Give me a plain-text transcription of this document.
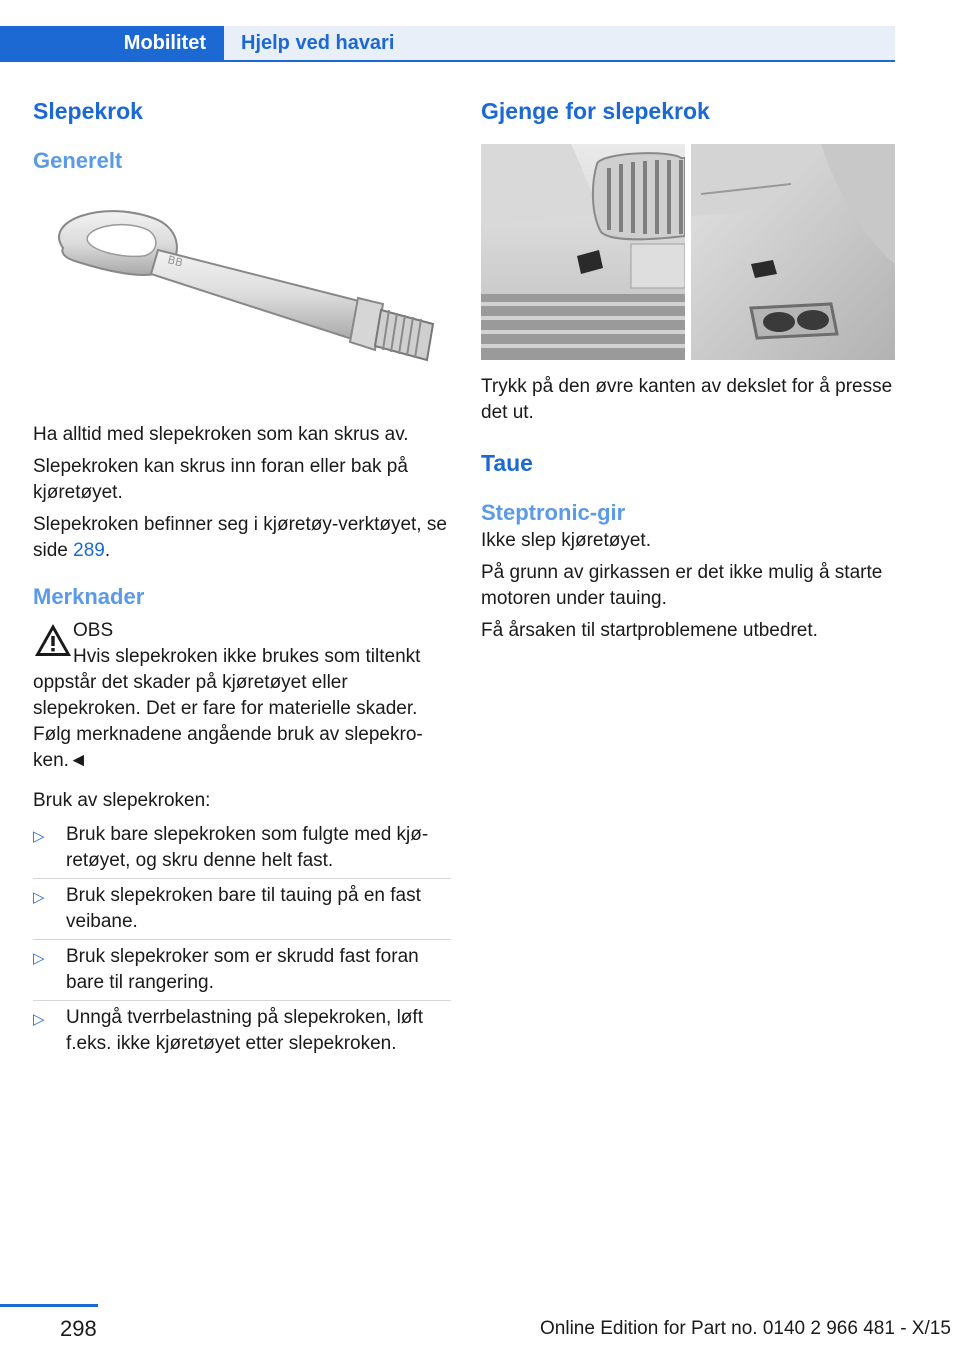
Mobilitet Hjelp ved havari
Slepekrok
Generelt
BB

Ha alltid med slepekroken som kan skrus av.

Slepekroken kan skrus inn foran eller bak på kjøretøyet.

Slepekroken befinner seg i kjøretøy-verktøyet, se side 289.

Merknader
OBS

Hvis slepekroken ikke brukes som tiltenkt oppstår det skader på kjøretøyet eller slepekroken. Det er fare for materielle skader. Følg merknadene angående bruk av slepekroken.◄

Bruk av slepekroken:

▷ Bruk bare slepekroken som fulgte med kjøretøyet, og skru denne helt fast.
▷ Bruk slepekroken bare til tauing på en fast veibane.
▷ Bruk slepekroker som er skrudd fast foran bare til rangering.
▷ Unngå tverrbelastning på slepekroken, løft f.eks. ikke kjøretøyet etter slepekroken.
Gjenge for slepekrok

Trykk på den øvre kanten av dekslet for å presse det ut.

Taue
Steptronic-gir

Ikke slep kjøretøyet.

På grunn av girkassen er det ikke mulig å starte motoren under tauing.

Få årsaken til startproblemene utbedret.

298	Online Edition for Part no. 0140 2 966 481 - X/15
